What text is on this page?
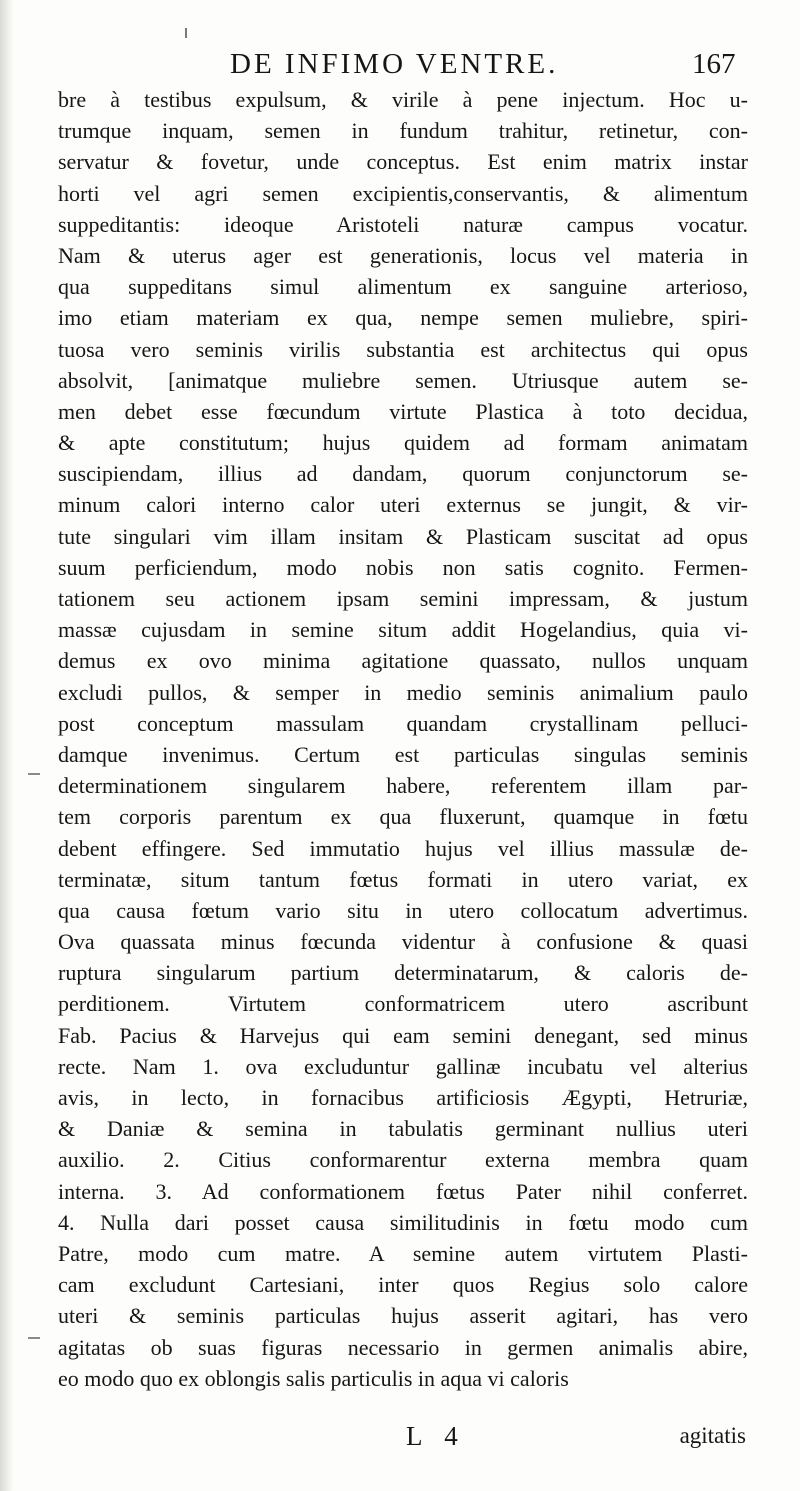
DE INFIMO VENTRE.	167
bre à testibus expulsum, & virile à pene injectum. Hoc u-
trumque inquam, semen in fundum trahitur, retinetur, con-
servatur & fovetur, unde conceptus. Est enim matrix instar
horti vel agri semen excipientis,conservantis, & alimentum
suppeditantis: ideoque Aristoteli naturæ campus vocatur.
Nam & uterus ager est generationis, locus vel materia in
qua suppeditans simul alimentum ex sanguine arterioso,
imo etiam materiam ex qua, nempe semen muliebre, spiri-
tuosa vero seminis virilis substantia est architectus qui opus
absolvit, [animatque muliebre semen. Utriusque autem se-
men debet esse fœcundum virtute Plastica à toto decidua,
& apte constitutum; hujus quidem ad formam animatam
suscipiendam, illius ad dandam, quorum conjunctorum se-
minum calori interno calor uteri externus se jungit, & vir-
tute singulari vim illam insitam & Plasticam suscitat ad opus
suum perficiendum, modo nobis non satis cognito. Fermen-
tationem seu actionem ipsam semini impressam, & justum
massæ cujusdam in semine situm addit Hogelandius, quia vi-
demus ex ovo minima agitatione quassato, nullos unquam
excludi pullos, & semper in medio seminis animalium paulo
post conceptum massulam quandam crystallinam pelluci-
damque invenimus. Certum est particulas singulas seminis
determinationem singularem habere, referentem illam par-
tem corporis parentum ex qua fluxerunt, quamque in fœtu
debent effingere. Sed immutatio hujus vel illius massulæ de-
terminatæ, situm tantum fœtus formati in utero variat, ex
qua causa fœtum vario situ in utero collocatum advertimus.
Ova quassata minus fœcunda videntur à confusione & quasi
ruptura singularum partium determinatarum, & caloris de-
perditionem. Virtutem conformatricem utero ascribunt
Fab. Pacius & Harvejus qui eam semini denegant, sed minus
recte. Nam 1. ova excluduntur gallinæ incubatu vel alterius
avis, in lecto, in fornacibus artificiosis Ægypti, Hetruriæ,
& Daniæ & semina in tabulatis germinant nullius uteri
auxilio. 2. Citius conformarentur externa membra quam
interna. 3. Ad conformationem fœtus Pater nihil conferret.
4. Nulla dari posset causa similitudinis in fœtu modo cum
Patre, modo cum matre. A semine autem virtutem Plasti-
cam excludunt Cartesiani, inter quos Regius solo calore
uteri & seminis particulas hujus asserit agitari, has vero
agitatas ob suas figuras necessario in germen animalis abire,
eo modo quo ex oblongis salis particulis in aqua vi caloris
L 4	agitatis
